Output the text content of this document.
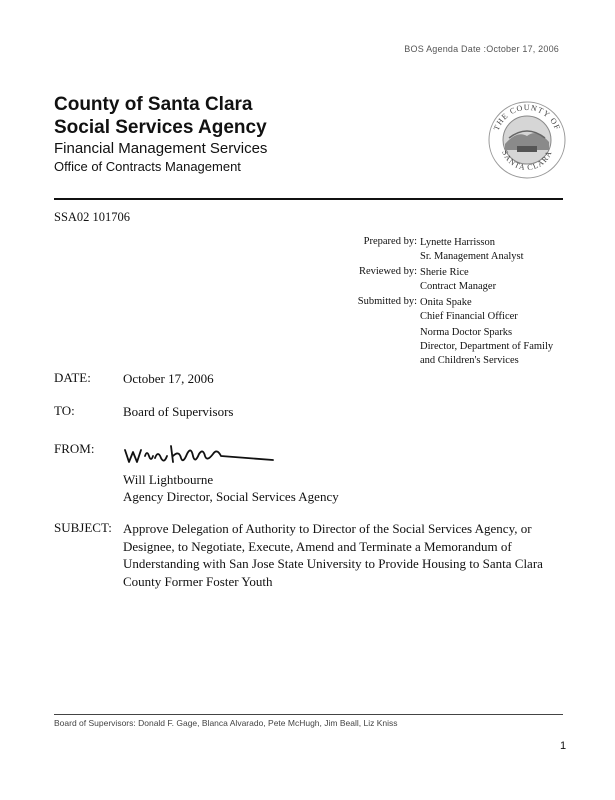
BOS Agenda Date :October 17, 2006
County of Santa Clara
Social Services Agency
Financial Management Services
Office of Contracts Management
THE COUNTY OF
SANTA CLARA
SSA02 101706
Prepared by: Lynette Harrisson
Sr. Management Analyst
Reviewed by: Sherie Rice
Contract Manager
Submitted by: Onita Spake
Chief Financial Officer
Norma Doctor Sparks
Director, Department of Family
and Children's Services
DATE: October 17, 2006
TO:	Board of Supervisors
FROM:
Will Lightbourne
Agency Director, Social Services Agency
SUBJECT: Approve Delegation of Authority to Director of the Social Services Agency, or Designee, to Negotiate, Execute, Amend and Terminate a Memorandum of Understanding with San Jose State University to Provide Housing to Santa Clara County Former Foster Youth
Board of Supervisors: Donald F. Gage, Blanca Alvarado, Pete McHugh, Jim Beall, Liz Kniss
1
